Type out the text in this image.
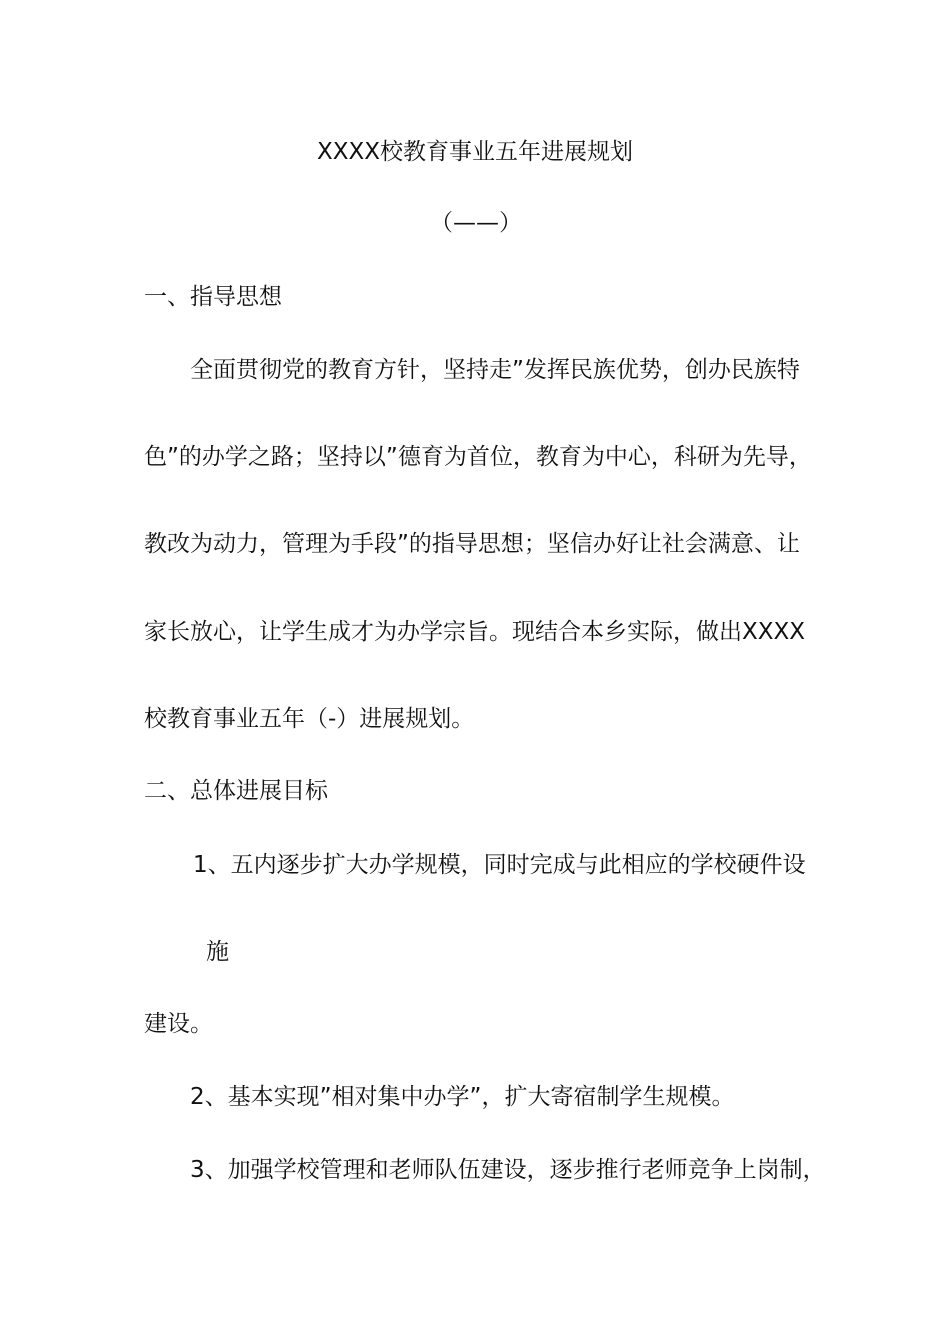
XXXX校教育事业五年进展规划
（——）
一、指导思想
全面贯彻党的教育方针，坚持走”发挥民族优势，创办民族特
色”的办学之路；坚持以”德育为首位，教育为中心，科研为先导，
教改为动力，管理为手段”的指导思想；坚信办好让社会满意、让
家长放心，让学生成才为办学宗旨。现结合本乡实际，做出XXXX
校教育事业五年（-）进展规划。
二、总体进展目标
1、五内逐步扩大办学规模，同时完成与此相应的学校硬件设
施
建设。
2、基本实现”相对集中办学”，扩大寄宿制学生规模。
3、加强学校管理和老师队伍建设，逐步推行老师竞争上岗制，
